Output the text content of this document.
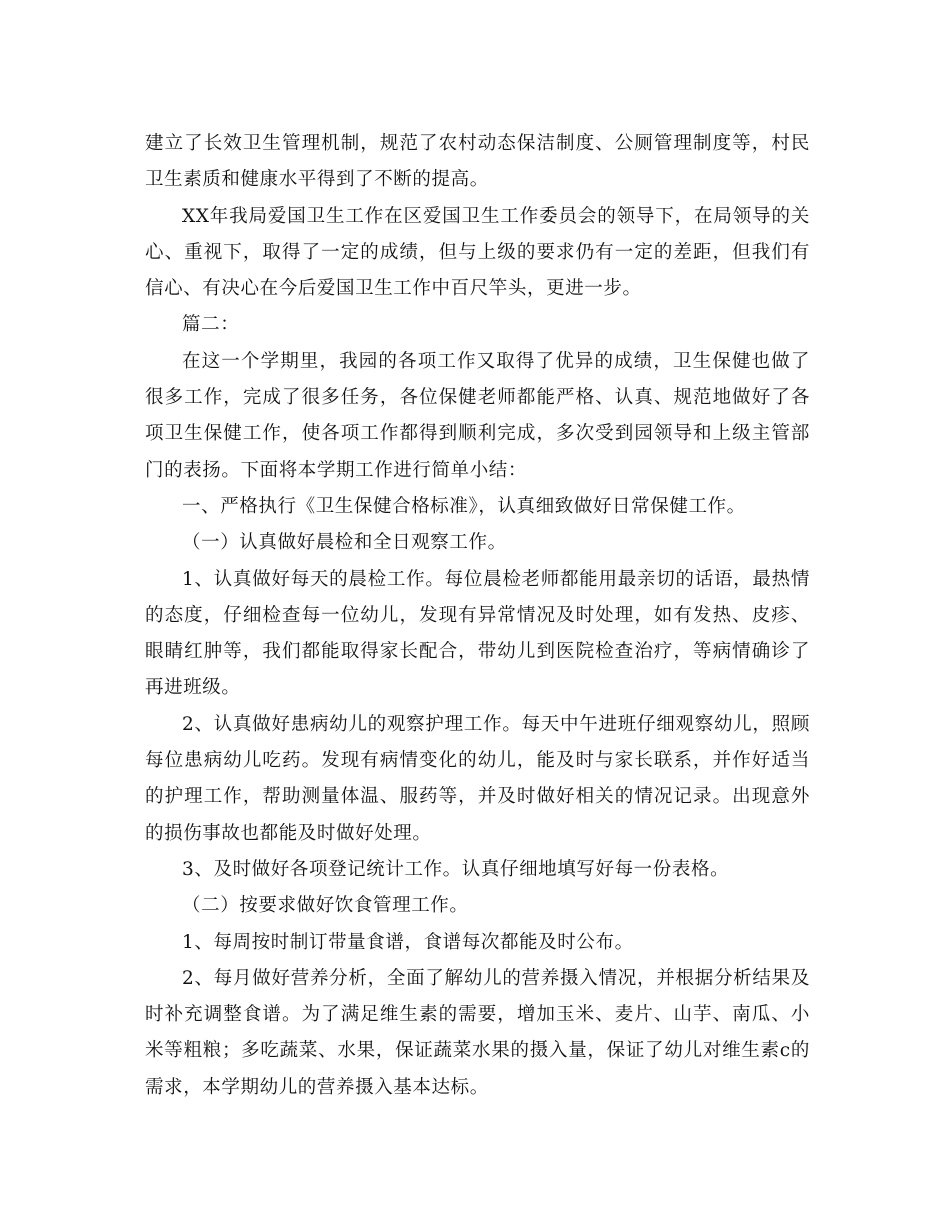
建立了长效卫生管理机制，规范了农村动态保洁制度、公厕管理制度等，村民卫生素质和健康水平得到了不断的提高。

XX年我局爱国卫生工作在区爱国卫生工作委员会的领导下，在局领导的关心、重视下，取得了一定的成绩，但与上级的要求仍有一定的差距，但我们有信心、有决心在今后爱国卫生工作中百尺竿头，更进一步。

篇二：

在这一个学期里，我园的各项工作又取得了优异的成绩，卫生保健也做了很多工作，完成了很多任务，各位保健老师都能严格、认真、规范地做好了各项卫生保健工作，使各项工作都得到顺利完成，多次受到园领导和上级主管部门的表扬。下面将本学期工作进行简单小结：

一、严格执行《卫生保健合格标准》，认真细致做好日常保健工作。

（一）认真做好晨检和全日观察工作。

1、认真做好每天的晨检工作。每位晨检老师都能用最亲切的话语，最热情的态度，仔细检查每一位幼儿，发现有异常情况及时处理，如有发热、皮疹、眼睛红肿等，我们都能取得家长配合，带幼儿到医院检查治疗，等病情确诊了再进班级。

2、认真做好患病幼儿的观察护理工作。每天中午进班仔细观察幼儿，照顾每位患病幼儿吃药。发现有病情变化的幼儿，能及时与家长联系，并作好适当的护理工作，帮助测量体温、服药等，并及时做好相关的情况记录。出现意外的损伤事故也都能及时做好处理。

3、及时做好各项登记统计工作。认真仔细地填写好每一份表格。

（二）按要求做好饮食管理工作。

1、每周按时制订带量食谱，食谱每次都能及时公布。

2、每月做好营养分析，全面了解幼儿的营养摄入情况，并根据分析结果及时补充调整食谱。为了满足维生素的需要，增加玉米、麦片、山芋、南瓜、小米等粗粮；多吃蔬菜、水果，保证蔬菜水果的摄入量，保证了幼儿对维生素c的需求，本学期幼儿的营养摄入基本达标。
